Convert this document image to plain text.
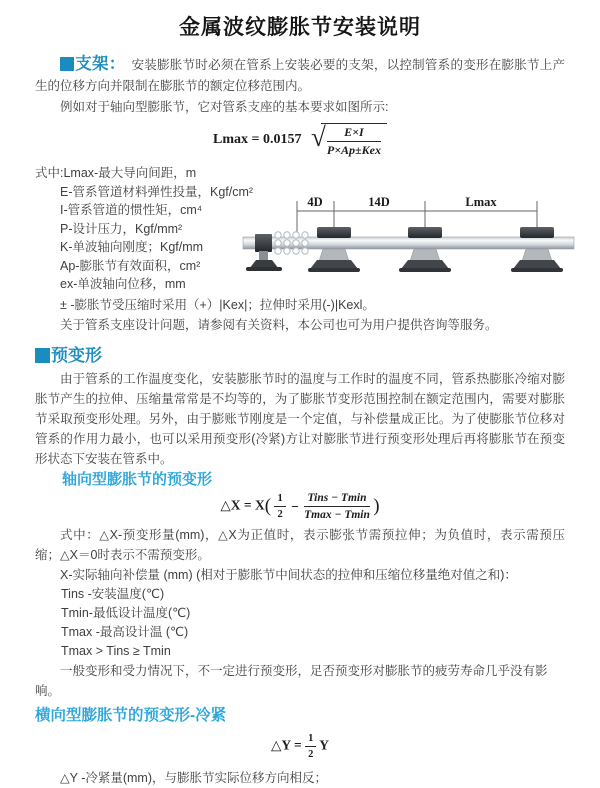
金属波纹膨胀节安装说明

支架： 安装膨胀节时必须在管系上安装必要的支架，以控制管系的变形在膨胀节上产生的位移方向并限制在膨胀节的额定位移范围内。

例如对于轴向型膨胀节，它对管系支座的基本要求如图所示:

Lmax = 0.0157 √ $\frac{E\times I}{\text{P×Ap±Kex}}$
式中:Lmax-最大导向间距，m
E-管系管道材料弹性投量，Kgf/cm²
I-管系管道的惯性矩，cm⁴
P-设计压力，Kgf/mm²
K-单波轴向刚度；Kgf/mm
Ap-膨胀节有效面积，cm²
ex-单波轴向位移，mm
4D	14D	Lmax

± -膨胀节受压缩时采用（+）|Kex|；拉伸时采用(-)|Kexl。

关于管系支座设计问题，请参阅有关资料，本公司也可为用户提供咨询等服务。

预变形

由于管系的工作温度变化，安装膨胀节时的温度与工作时的温度不同，管系热膨胀冷缩对膨胀节产生的拉伸、压缩量常常是不均等的，为了膨胀节变形范围控制在额定范围内，需要对膨胀节采取预变形处理。另外，由于膨账节刚度是一个定值，与补偿量成正比。为了使膨胀节位移对管系的作用力最小，也可以采用预变形(冷紧)方让对膨胀节进行预变形处理后再将膨胀节在预变形状态下安装在管系中。

轴向型膨胀节的预变形
△X = $X( \frac{1}{2} - \frac{\text{Tins − Tmin}}{Tmax - Tmin}$ )

式中：△X-预变形量(mm)，△X为正值时，表示膨张节需预拉伸；为负值时，表示需预压缩；△X＝0时表示不需预变形。

X-实际轴向补偿量 (mm) (相对于膨胀节中间状态的拉伸和压缩位移量绝对值之和)：

Tins -安装温度(℃)

Tmin-最低设计温度(℃)

Tmax -最高设计温 (℃)

Tmax > Tins ≥ Tmin

一般变形和受力情况下，不一定进行预变形，足否预变形对膨胀节的疲劳寿命几乎没有影响。

横向型膨胀节的预变形-冷紧
△Y = $\frac{1}{2}$ Y

△Y -冷紧量(mm)，与膨胀节实际位移方向相反；
